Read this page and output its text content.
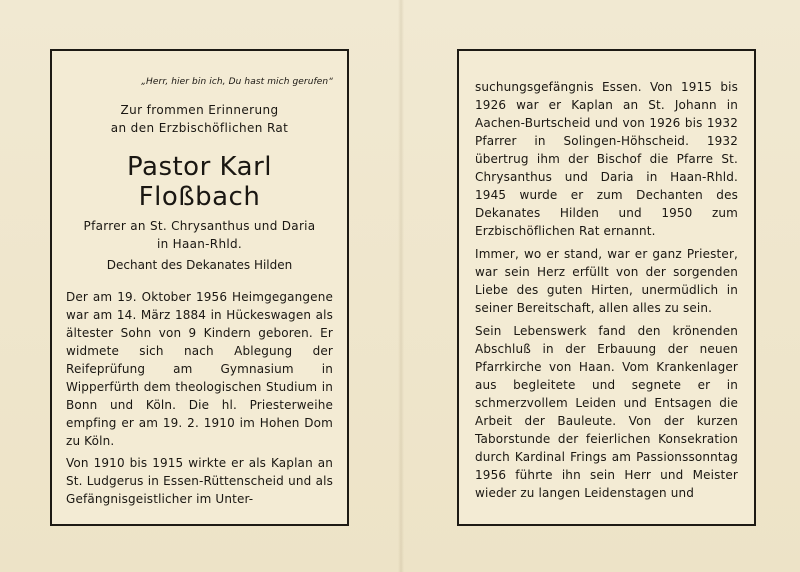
„Herr, hier bin ich, Du hast mich gerufen“

Zur frommen Erinnerung
an den Erzbischöflichen Rat
Pastor Karl Floßbach
Pfarrer an St. Chrysanthus und Daria
in Haan-Rhld.
Dechant des Dekanates Hilden

Der am 19. Oktober 1956 Heimgegangene war am 14. März 1884 in Hückeswagen als ältester Sohn von 9 Kindern geboren. Er widmete sich nach Ablegung der Reifeprüfung am Gymnasium in Wipperfürth dem theologischen Studium in Bonn und Köln. Die hl. Priesterweihe empfing er am 19. 2. 1910 im Hohen Dom zu Köln.

Von 1910 bis 1915 wirkte er als Kaplan an St. Ludgerus in Essen-Rüttenscheid und als Gefängnisgeistlicher im Unter-

suchungsgefängnis Essen. Von 1915 bis 1926 war er Kaplan an St. Johann in Aachen-Burtscheid und von 1926 bis 1932 Pfarrer in Solingen-Höhscheid. 1932 übertrug ihm der Bischof die Pfarre St. Chrysanthus und Daria in Haan-Rhld. 1945 wurde er zum Dechanten des Dekanates Hilden und 1950 zum Erzbischöflichen Rat ernannt.

Immer, wo er stand, war er ganz Priester, war sein Herz erfüllt von der sorgenden Liebe des guten Hirten, unermüdlich in seiner Bereitschaft, allen alles zu sein.

Sein Lebenswerk fand den krönenden Abschluß in der Erbauung der neuen Pfarrkirche von Haan. Vom Krankenlager aus begleitete und segnete er in schmerzvollem Leiden und Entsagen die Arbeit der Bauleute. Von der kurzen Taborstunde der feierlichen Konsekration durch Kardinal Frings am Passionssonntag 1956 führte ihn sein Herr und Meister wieder zu langen Leidenstagen und
